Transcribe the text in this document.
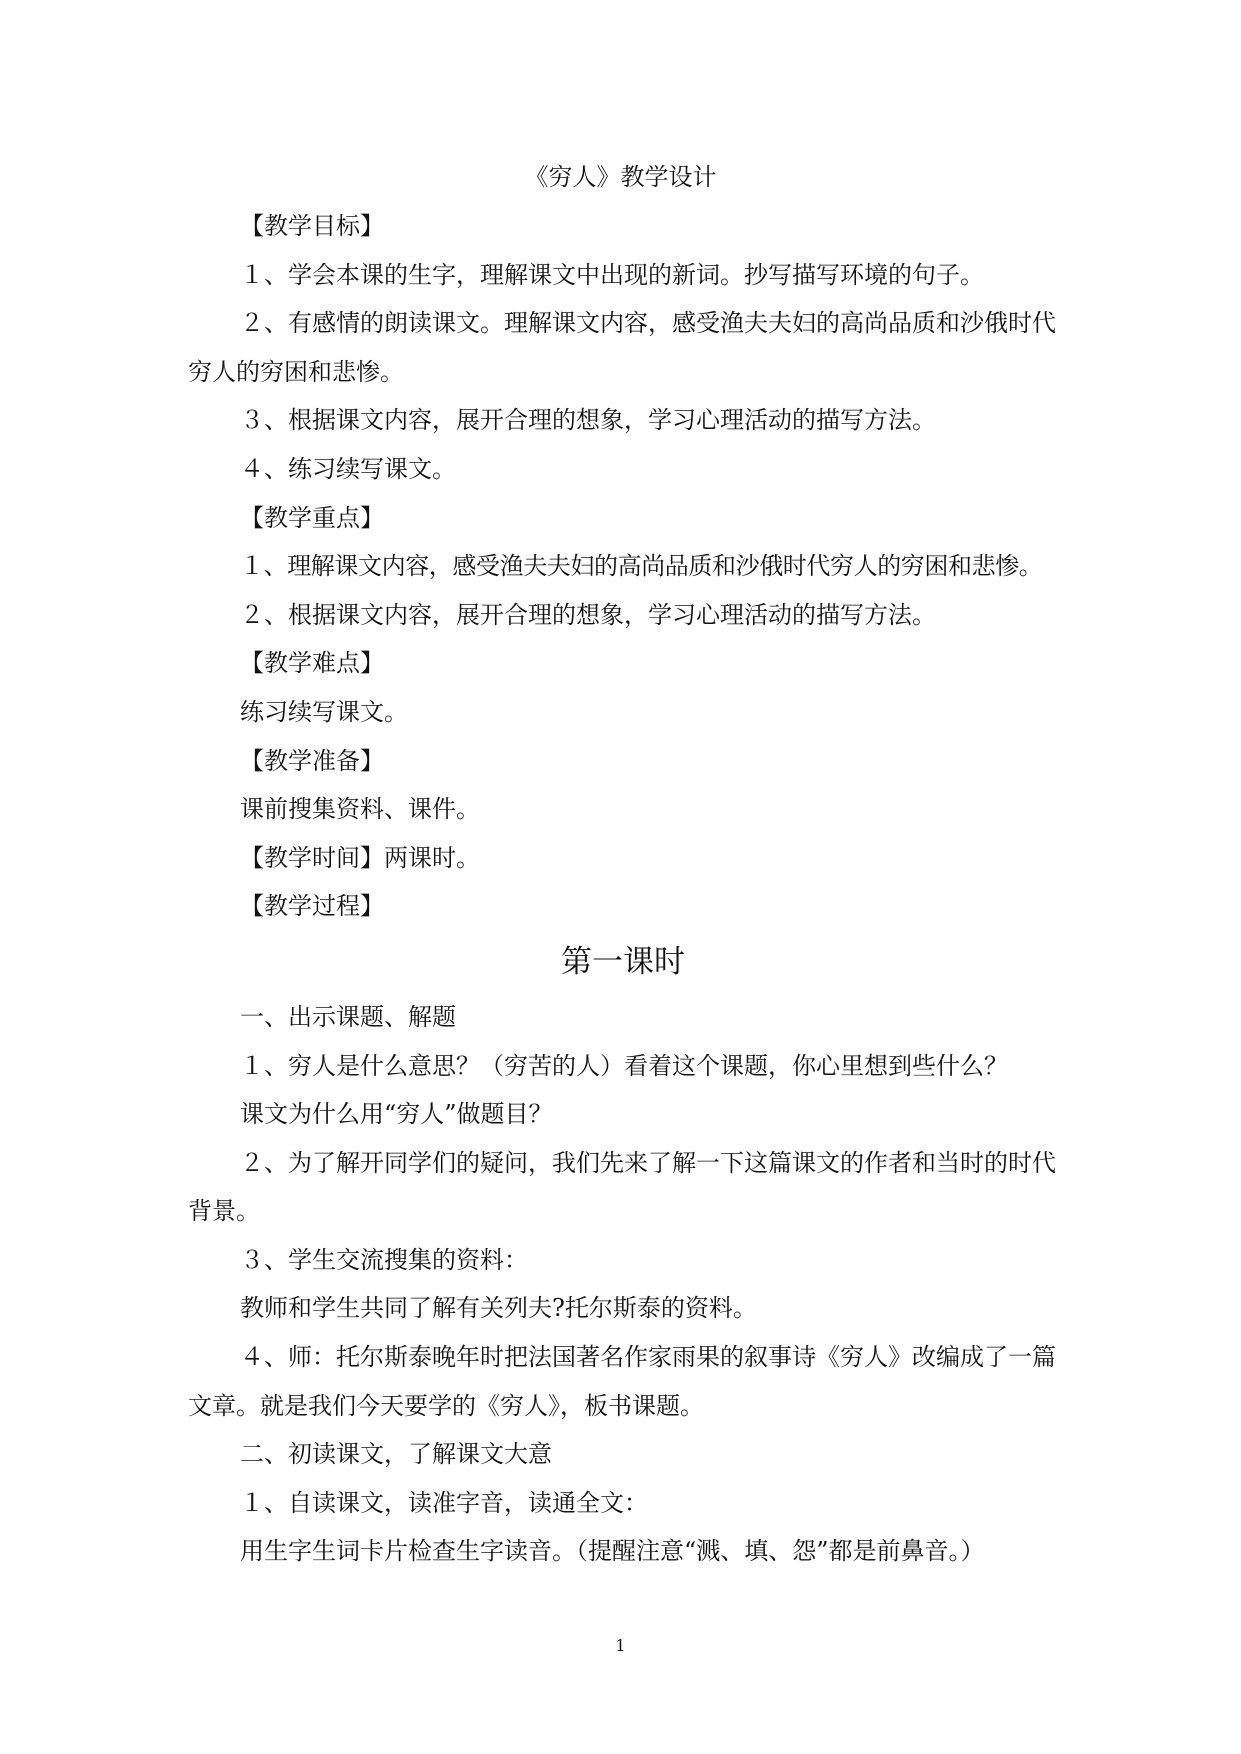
《穷人》教学设计

【教学目标】

１、学会本课的生字，理解课文中出现的新词。抄写描写环境的句子。

２、有感情的朗读课文。理解课文内容，感受渔夫夫妇的高尚品质和沙俄时代穷人的穷困和悲惨。

３、根据课文内容，展开合理的想象，学习心理活动的描写方法。

４、练习续写课文。

【教学重点】

１、理解课文内容，感受渔夫夫妇的高尚品质和沙俄时代穷人的穷困和悲惨。

２、根据课文内容，展开合理的想象，学习心理活动的描写方法。

【教学难点】

练习续写课文。

【教学准备】

课前搜集资料、课件。

【教学时间】两课时。

【教学过程】

第一课时

一、出示课题、解题

１、穷人是什么意思？（穷苦的人）看着这个课题，你心里想到些什么？

课文为什么用“穷人”做题目？

２、为了解开同学们的疑问，我们先来了解一下这篇课文的作者和当时的时代背景。

３、学生交流搜集的资料：

教师和学生共同了解有关列夫?托尔斯泰的资料。

４、师：托尔斯泰晚年时把法国著名作家雨果的叙事诗《穷人》改编成了一篇文章。就是我们今天要学的《穷人》，板书课题。

二、初读课文，了解课文大意

１、自读课文，读准字音，读通全文：

用生字生词卡片检查生字读音。（提醒注意“溅、填、怨”都是前鼻音。）

1
